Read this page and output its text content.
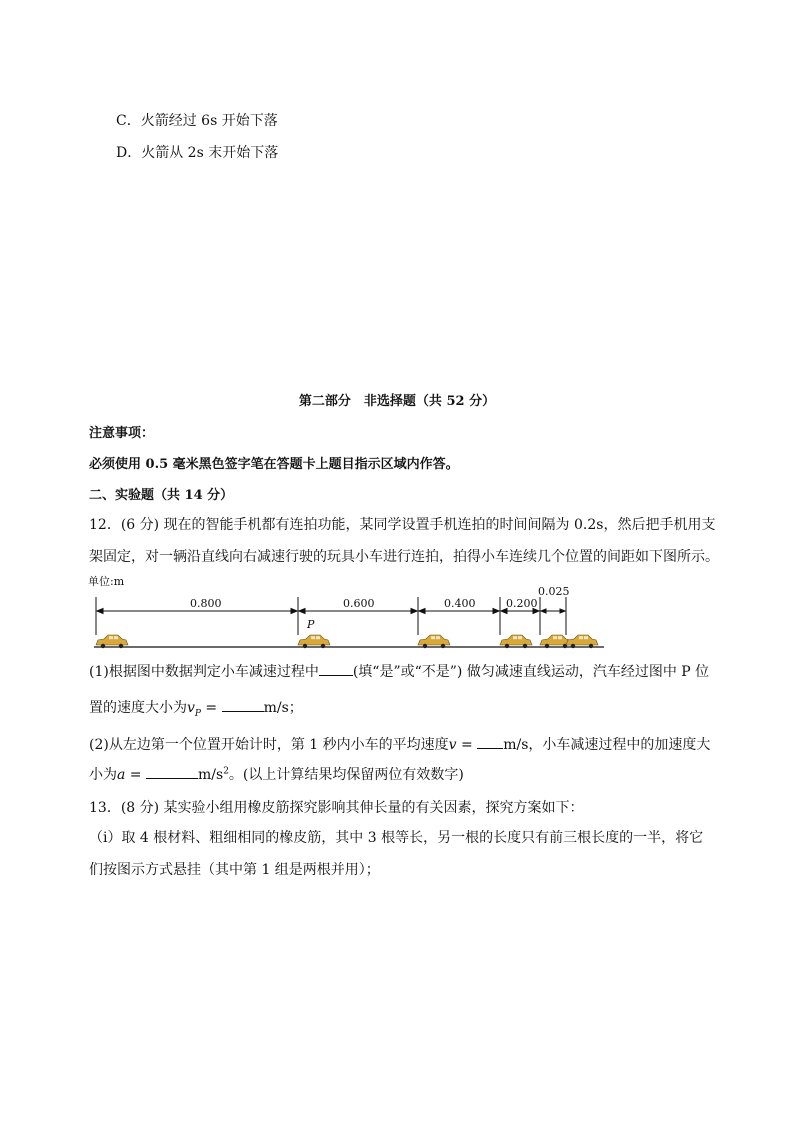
C．火箭经过 6s 开始下落
D．火箭从 2s 末开始下落
第二部分　非选择题（共 52 分）
注意事项：
必须使用 0.5 毫米黑色签字笔在答题卡上题目指示区域内作答。
二、实验题（共 14 分）
12．(6 分) 现在的智能手机都有连拍功能，某同学设置手机连拍的时间间隔为 0.2s，然后把手机用支
架固定，对一辆沿直线向右减速行驶的玩具小车进行连拍，拍得小车连续几个位置的间距如下图所示。
单位:m
0.800	0.600	0.400	0.200
0.025
P
(1)根据图中数据判定小车减速过程中 (填“是”或“不是”) 做匀减速直线运动，汽车经过图中 P 位
置的速度大小为$v_P$ =	m/s；
(2)从左边第一个位置开始计时，第 1 秒内小车的平均速度v = m/s，小车减速过程中的加速度大
小为a =	$m/s^2$。(以上计算结果均保留两位有效数字)
13．(8 分) 某实验小组用橡皮筋探究影响其伸长量的有关因素，探究方案如下：
（ⅰ）取 4 根材料、粗细相同的橡皮筋，其中 3 根等长，另一根的长度只有前三根长度的一半，将它
们按图示方式悬挂（其中第 1 组是两根并用）；
